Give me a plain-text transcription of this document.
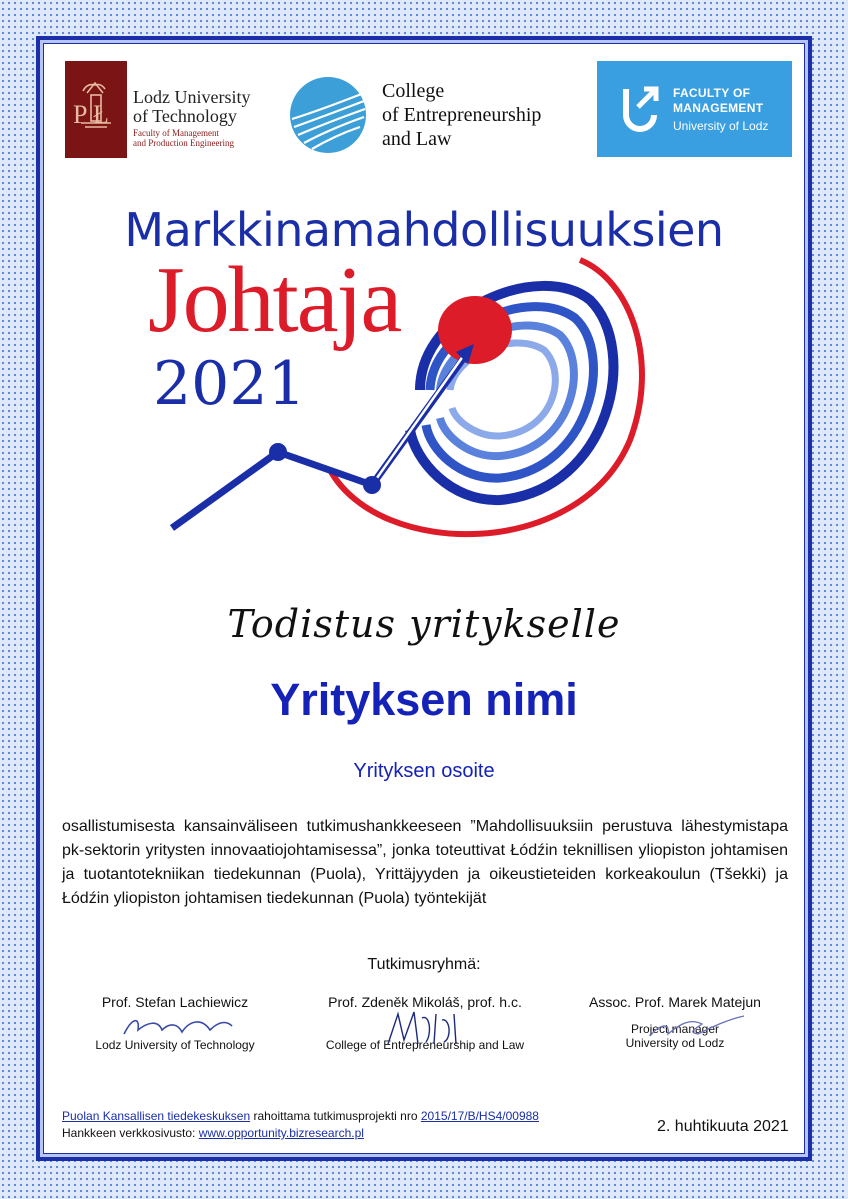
P Ł
Lodz University
of Technology
Faculty of Management
and Production Engineering
College
of Entrepreneurship
and Law
FACULTY OF
MANAGEMENT
University of Lodz
Markkinamahdollisuuksien
Johtaja
2021
Todistus yritykselle
Yrityksen nimi
Yrityksen osoite
osallistumisesta kansainväliseen tutkimushankkeeseen ”Mahdollisuuksiin perustuva lähestymistapa pk-sektorin yritysten innovaatiojohtamisessa”, jonka toteuttivat Łódźin teknillisen yliopiston johtamisen ja tuotantotekniikan tiedekunnan (Puola), Yrittäjyyden ja oikeustieteiden korkeakoulun (Tšekki) ja Łódźin yliopiston johtamisen tiedekunnan (Puola) työntekijät
Tutkimusryhmä:
Prof. Stefan Lachiewicz
Lodz University of Technology
Prof. Zdeněk Mikoláš, prof. h.c.
College of Entrepreneurship and Law
Assoc. Prof. Marek Matejun
Project manager
University od Lodz
Puolan Kansallisen tiedekeskuksen rahoittama tutkimusprojekti nro 2015/17/B/HS4/00988
Hankkeen verkkosivusto: www.opportunity.bizresearch.pl	2. huhtikuuta 2021
